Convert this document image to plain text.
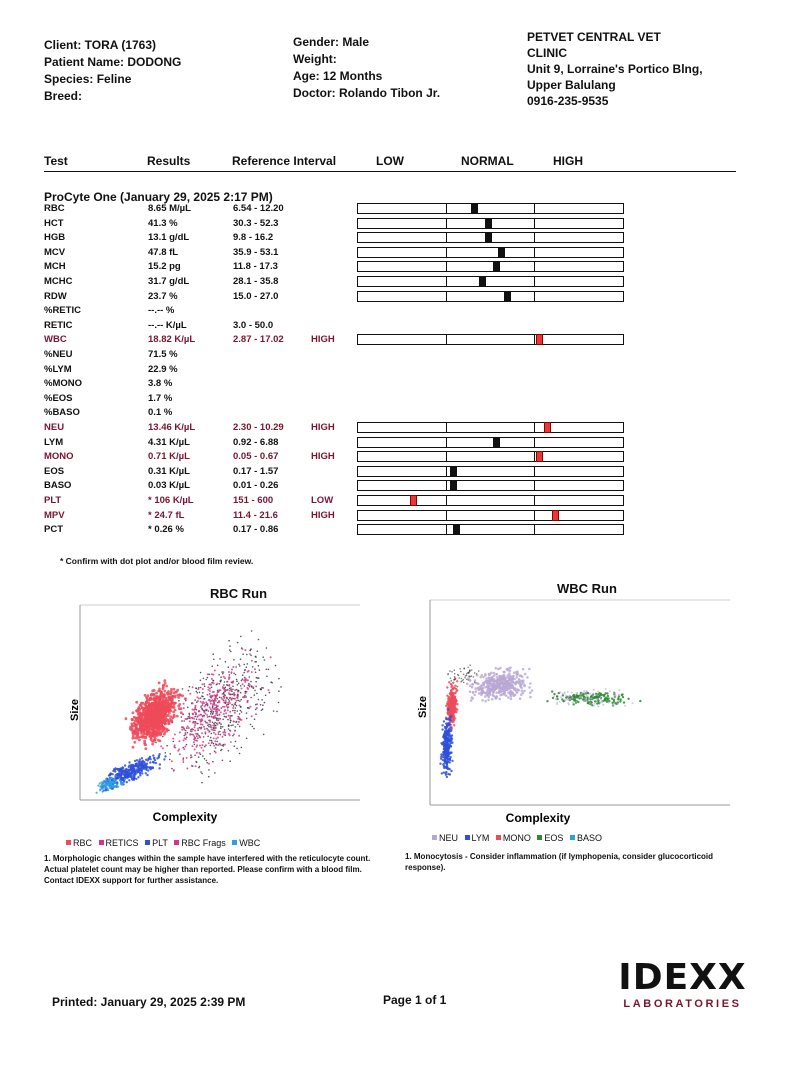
Client: TORA (1763)
Patient Name: DODONG
Species: Feline
Breed:
Gender: Male
Weight:
Age: 12 Months
Doctor: Rolando Tibon Jr.
PETVET CENTRAL VET
CLINIC
Unit 9, Lorraine's Portico Blng,
Upper Balulang
0916-235-9535
Test	Results	Reference Interval	LOW	NORMAL	HIGH
ProCyte One (January 29, 2025 2:17 PM)
RBC	8.65 M/µL	6.54 - 12.20
HCT	41.3 %	30.3 - 52.3
HGB	13.1 g/dL	9.8 - 16.2
MCV	47.8 fL	35.9 - 53.1
MCH	15.2 pg	11.8 - 17.3
MCHC	31.7 g/dL	28.1 - 35.8
RDW	23.7 %	15.0 - 27.0
%RETIC	--.-- %
RETIC	--.-- K/µL	3.0 - 50.0
WBC	18.82 K/µL	2.87 - 17.02	HIGH
%NEU	71.5 %
%LYM	22.9 %
%MONO	3.8 %
%EOS	1.7 %
%BASO	0.1 %
NEU	13.46 K/µL	2.30 - 10.29	HIGH
LYM	4.31 K/µL	0.92 - 6.88
MONO	0.71 K/µL	0.05 - 0.67	HIGH
EOS	0.31 K/µL	0.17 - 1.57
BASO	0.03 K/µL	0.01 - 0.26
PLT	* 106 K/µL	151 - 600	LOW
MPV	* 24.7 fL	11.4 - 21.6	HIGH
PCT	* 0.26 %	0.17 - 0.86
* Confirm with dot plot and/or blood film review.
RBC Run
Size
Complexity
RBC RETICS PLT RBC Frags WBC
1. Morphologic changes within the sample have interfered with the reticulocyte count. Actual platelet count may be higher than reported. Please confirm with a blood film. Contact IDEXX support for further assistance.
WBC Run
Size
Complexity
NEU LYM MONO EOS BASO
1. Monocytosis - Consider inflammation (if lymphopenia, consider glucocorticoid response).
Printed: January 29, 2025 2:39 PM	Page 1 of 1
IDEXX
LABORATORIES
